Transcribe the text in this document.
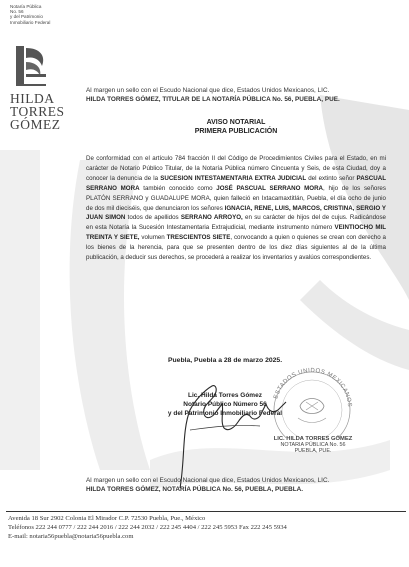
Notaría Pública
No. 56
y del Patrimonio
Inmobiliario Federal
HILDA
TORRES
GÓMEZ
Al margen un sello con el Escudo Nacional que dice, Estados Unidos Mexicanos, LIC.
HILDA TORRES GÓMEZ, TITULAR DE LA NOTARÍA PÚBLICA No. 56, PUEBLA, PUE.
AVISO NOTARIAL
PRIMERA PUBLICACIÓN
De conformidad con el artículo 784 fracción II del Código de Procedimientos Civiles para el Estado, en mi carácter de Notario Público Titular, de la Notaría Pública número Cincuenta y Seis, de esta Ciudad, doy a conocer la denuncia de la SUCESION INTESTAMENTARIA EXTRA JUDICIAL del extinto señor PASCUAL SERRANO MORA también conocido como JOSÉ PASCUAL SERRANO MORA, hijo de los señores PLATÓN SERRANO y GUADALUPE MORA, quien falleció en Ixtacamaxtitlán, Puebla, el día ocho de junio de dos mil dieciséis, que denunciaron los señores IGNACIA, RENE, LUIS, MARCOS, CRISTINA, SERGIO Y JUAN SIMON todos de apellidos SERRANO ARROYO, en su carácter de hijos del de cujus. Radicándose en esta Notaría la Sucesión Intestamentaria Extrajudicial, mediante instrumento número VEINTIOCHO MIL TREINTA Y SIETE, volumen TRESCIENTOS SIETE, convocando a quien o quienes se crean con derecho a los bienes de la herencia, para que se presenten dentro de los diez días siguientes al de la última publicación, a deducir sus derechos, se procederá a realizar los inventarios y avalúos correspondientes.
Puebla, Puebla a 28 de marzo 2025.
ESTADOS UNIDOS MEXICANOS
Lic. Hilda Torres Gómez
Notario Público Número 56
y del Patrimonio Inmobiliario Federal
LIC. HILDA TORRES GÓMEZ
NOTARIA PÚBLICA No. 56
PUEBLA, PUE.
Al margen un sello con el Escudo Nacional que dice, Estados Unidos Mexicanos, LIC.
HILDA TORRES GÓMEZ, NOTARÍA PÚBLICA No. 56, PUEBLA, PUEBLA.
Avenida 18 Sur 2902 Colonia El Mirador C.P. 72530 Puebla, Pue., México
Teléfonos 222 244 0777 / 222 244 2016 / 222 244 2032 / 222 245 4404 / 222 245 5953 Fax 222 245 5934
E-mail: notaria56puebla@notaria56puebla.com
